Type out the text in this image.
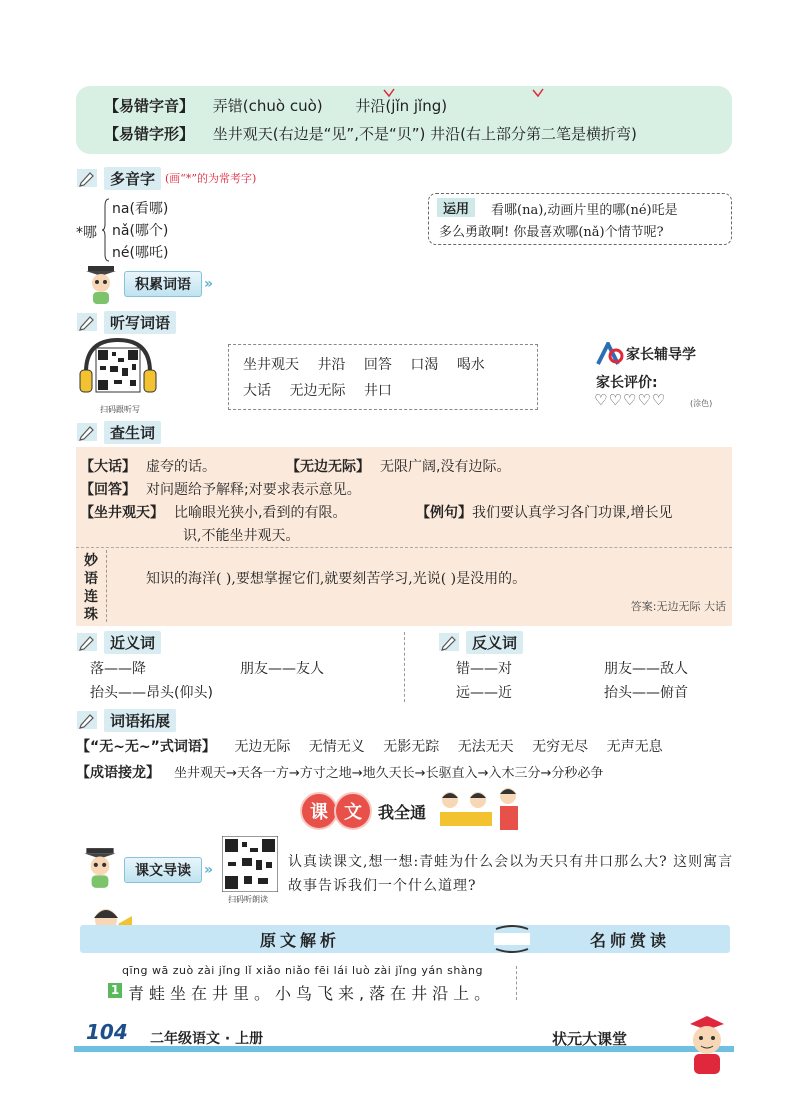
【易错字音】 弄错(chuò cuò) 井沿(jǐn jǐng)
【易错字形】 坐井观天(右边是“见”,不是“贝”) 井沿(右上部分第二笔是横折弯)
多音字 (画“*”的为常考字)
*哪
na(看哪)
nǎ(哪个)
né(哪吒)
运用	看哪(na),动画片里的哪(né)吒是
多么勇敢啊! 你最喜欢哪(nǎ)个情节呢?
积累词语 »
听写词语
扫码跟听写
坐井观天 井沿 回答 口渴 喝水
大话 无边无际 井口
家长辅导学
家长评价:
♡♡♡♡♡	(涂色)
查生词
【大话】 虚夸的话。	【无边无际】 无限广阔,没有边际。
【回答】 对问题给予解释;对要求表示意见。
【坐井观天】 比喻眼光狭小,看到的有限。	【例句】我们要认真学习各门功课,增长见
识,不能坐井观天。
妙语连珠
知识的海洋( ),要想掌握它们,就要刻苦学习,光说( )是没用的。
答案:无边无际 大话
近义词
落——降	朋友——友人
抬头——昂头(仰头)
反义词
错——对	朋友——敌人
远——近	抬头——俯首
词语拓展
【“无~无~”式词语】 无边无际 无情无义 无影无踪 无法无天 无穷无尽 无声无息
【成语接龙】 坐井观天→天各一方→方寸之地→地久天长→长驱直入→入木三分→分秒必争
课 文	我全通
课文导读 »
扫码听朗读
认真读课文,想一想:青蛙为什么会以为天只有井口那么大? 这则寓言故事告诉我们一个什么道理?
原文解析	名师赏读
qīng wā zuò zài jǐng lǐ xiǎo niǎo fēi lái luò zài jǐng yán shàng
1 青蛙坐在井里。小鸟飞来,落在井沿上。
104 二年级语文 · 上册	状元大课堂
